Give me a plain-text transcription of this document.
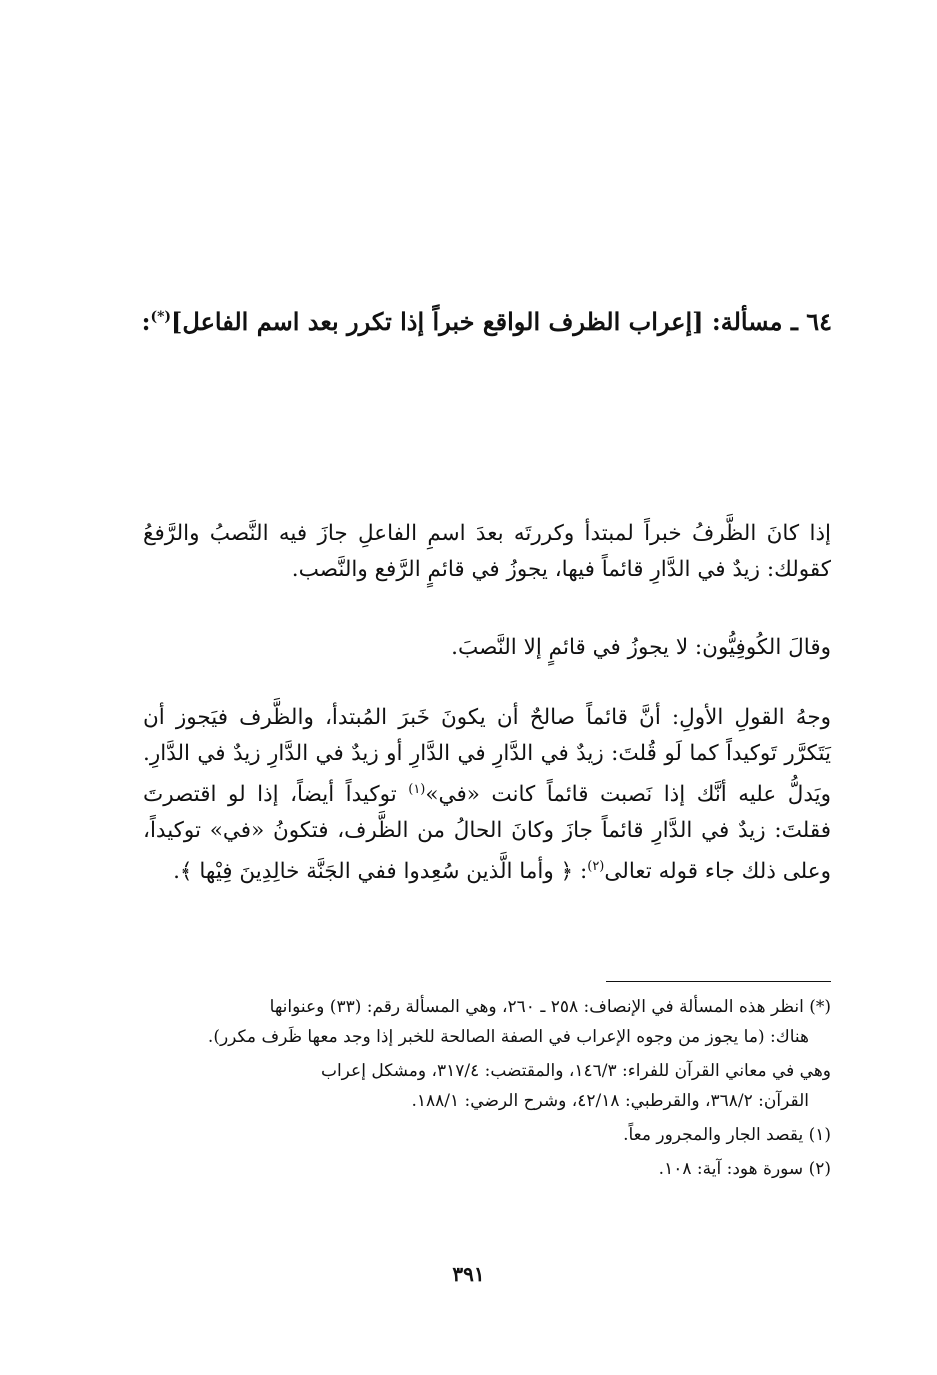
٦٤ ـ مسألة: [إعراب الظرف الواقع خبراً إذا تكرر بعد اسم الفاعل](*):

إذا كانَ الظَّرفُ خبراً لمبتدأ وكررتَه بعدَ اسمِ الفاعلِ جازَ فيه النَّصبُ والرَّفعُ كقولك: زيدٌ في الدَّارِ قائماً فيها، يجوزُ في قائمٍ الرَّفع والنَّصب.

وقالَ الكُوفِيُّون: لا يجوزُ في قائمٍ إلا النَّصبَ.

وجهُ القولِ الأولِ: أنَّ قائماً صالحٌ أن يكونَ خَبرَ المُبتدأ، والظَّرف فيَجوز أن يَتَكرَّر تَوكيداً كما لَو قُلتَ: زيدٌ في الدَّارِ في الدَّارِ أو زيدٌ في الدَّارِ زيدٌ في الدَّارِ. ويَدلُّ عليه أنَّك إذا نَصبت قائماً كانت «في»$^{(١)}$ توكيداً أيضاً، إذا لو اقتصرتَ فقلتَ: زيدٌ في الدَّارِ قائماً جازَ وكانَ الحالُ من الظَّرف، فتكونُ «في» توكيداً، وعلى ذلك جاء قوله تعالى$^{(٢)}$: ﴿ وأما الَّذين سُعِدوا ففي الجَنَّة خالِدِينَ فِيْها ﴾.

(*) انظر هذه المسألة في الإنصاف: ٢٥٨ ـ ٢٦٠، وهي المسألة رقم: (٣٣) وعنوانها
هناك: (ما يجوز من وجوه الإعراب في الصفة الصالحة للخبر إذا وجد معها ظَرف مكرر).

وهي في معاني القرآن للفراء: ١٤٦/٣، والمقتضب: ٣١٧/٤، ومشكل إعراب
القرآن: ٣٦٨/٢، والقرطبي: ٤٢/١٨، وشرح الرضي: ١٨٨/١.

(١) يقصد الجار والمجرور معاً.

(٢) سورة هود: آية: ١٠٨.

٣٩١
